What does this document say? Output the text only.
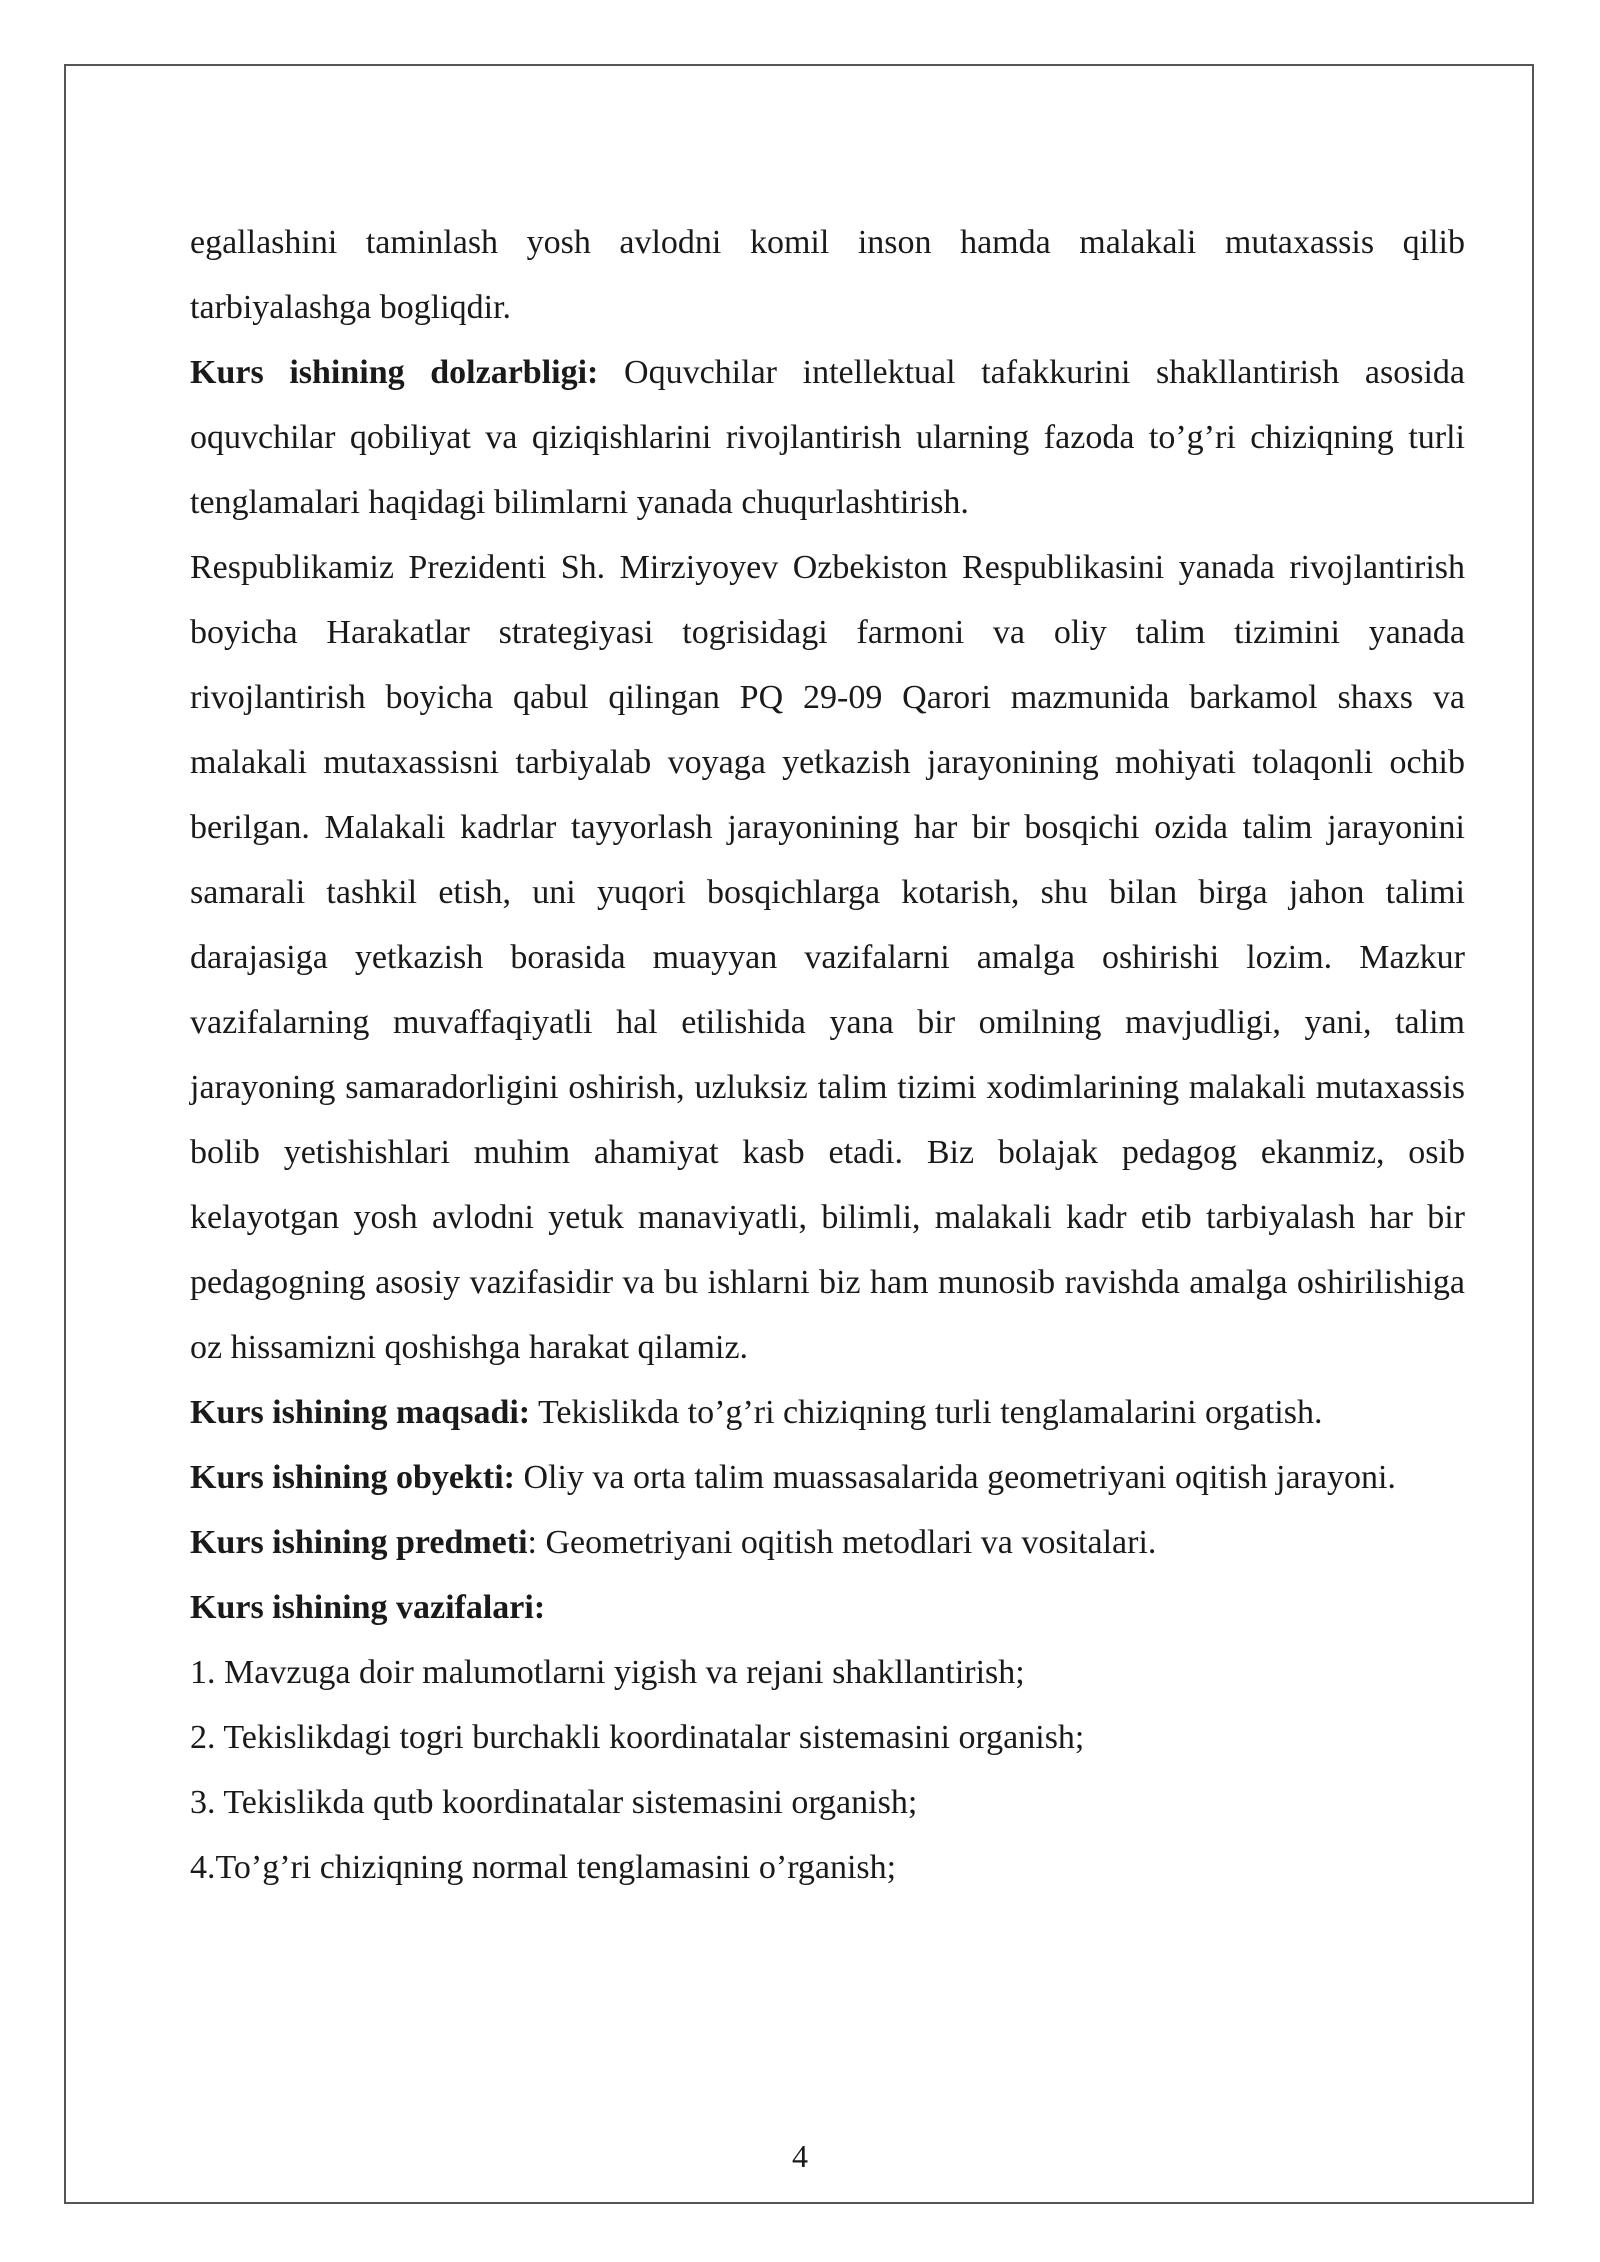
egallashini taminlash yosh avlodni komil inson hamda malakali mutaxassis qilib tarbiyalashga bogliqdir.

Kurs ishining dolzarbligi: Oquvchilar intellektual tafakkurini shakllantirish asosida oquvchilar qobiliyat va qiziqishlarini rivojlantirish ularning fazoda to’g’ri chiziqning turli tenglamalari haqidagi bilimlarni yanada chuqurlashtirish.

Respublikamiz Prezidenti Sh. Mirziyoyev Ozbekiston Respublikasini yanada rivojlantirish boyicha Harakatlar strategiyasi togrisidagi farmoni va oliy talim tizimini yanada rivojlantirish boyicha qabul qilingan PQ 29-09 Qarori mazmunida barkamol shaxs va malakali mutaxassisni tarbiyalab voyaga yetkazish jarayonining mohiyati tolaqonli ochib berilgan. Malakali kadrlar tayyorlash jarayonining har bir bosqichi ozida talim jarayonini samarali tashkil etish, uni yuqori bosqichlarga kotarish, shu bilan birga jahon talimi darajasiga yetkazish borasida muayyan vazifalarni amalga oshirishi lozim. Mazkur vazifalarning muvaffaqiyatli hal etilishida yana bir omilning mavjudligi, yani, talim jarayoning samaradorligini oshirish, uzluksiz talim tizimi xodimlarining malakali mutaxassis bolib yetishishlari muhim ahamiyat kasb etadi. Biz bolajak pedagog ekanmiz, osib kelayotgan yosh avlodni yetuk manaviyatli, bilimli, malakali kadr etib tarbiyalash har bir pedagogning asosiy vazifasidir va bu ishlarni biz ham munosib ravishda amalga oshirilishiga oz hissamizni qoshishga harakat qilamiz.

Kurs ishining maqsadi: Tekislikda to’g’ri chiziqning turli tenglamalarini orgatish.

Kurs ishining obyekti: Oliy va orta talim muassasalarida geometriyani oqitish jarayoni.

Kurs ishining predmeti: Geometriyani oqitish metodlari va vositalari.

Kurs ishining vazifalari:

1. Mavzuga doir malumotlarni yigish va rejani shakllantirish;

2. Tekislikdagi togri burchakli koordinatalar sistemasini organish;

3. Tekislikda qutb koordinatalar sistemasini organish;

4.To’g’ri chiziqning normal tenglamasini o’rganish;

4
